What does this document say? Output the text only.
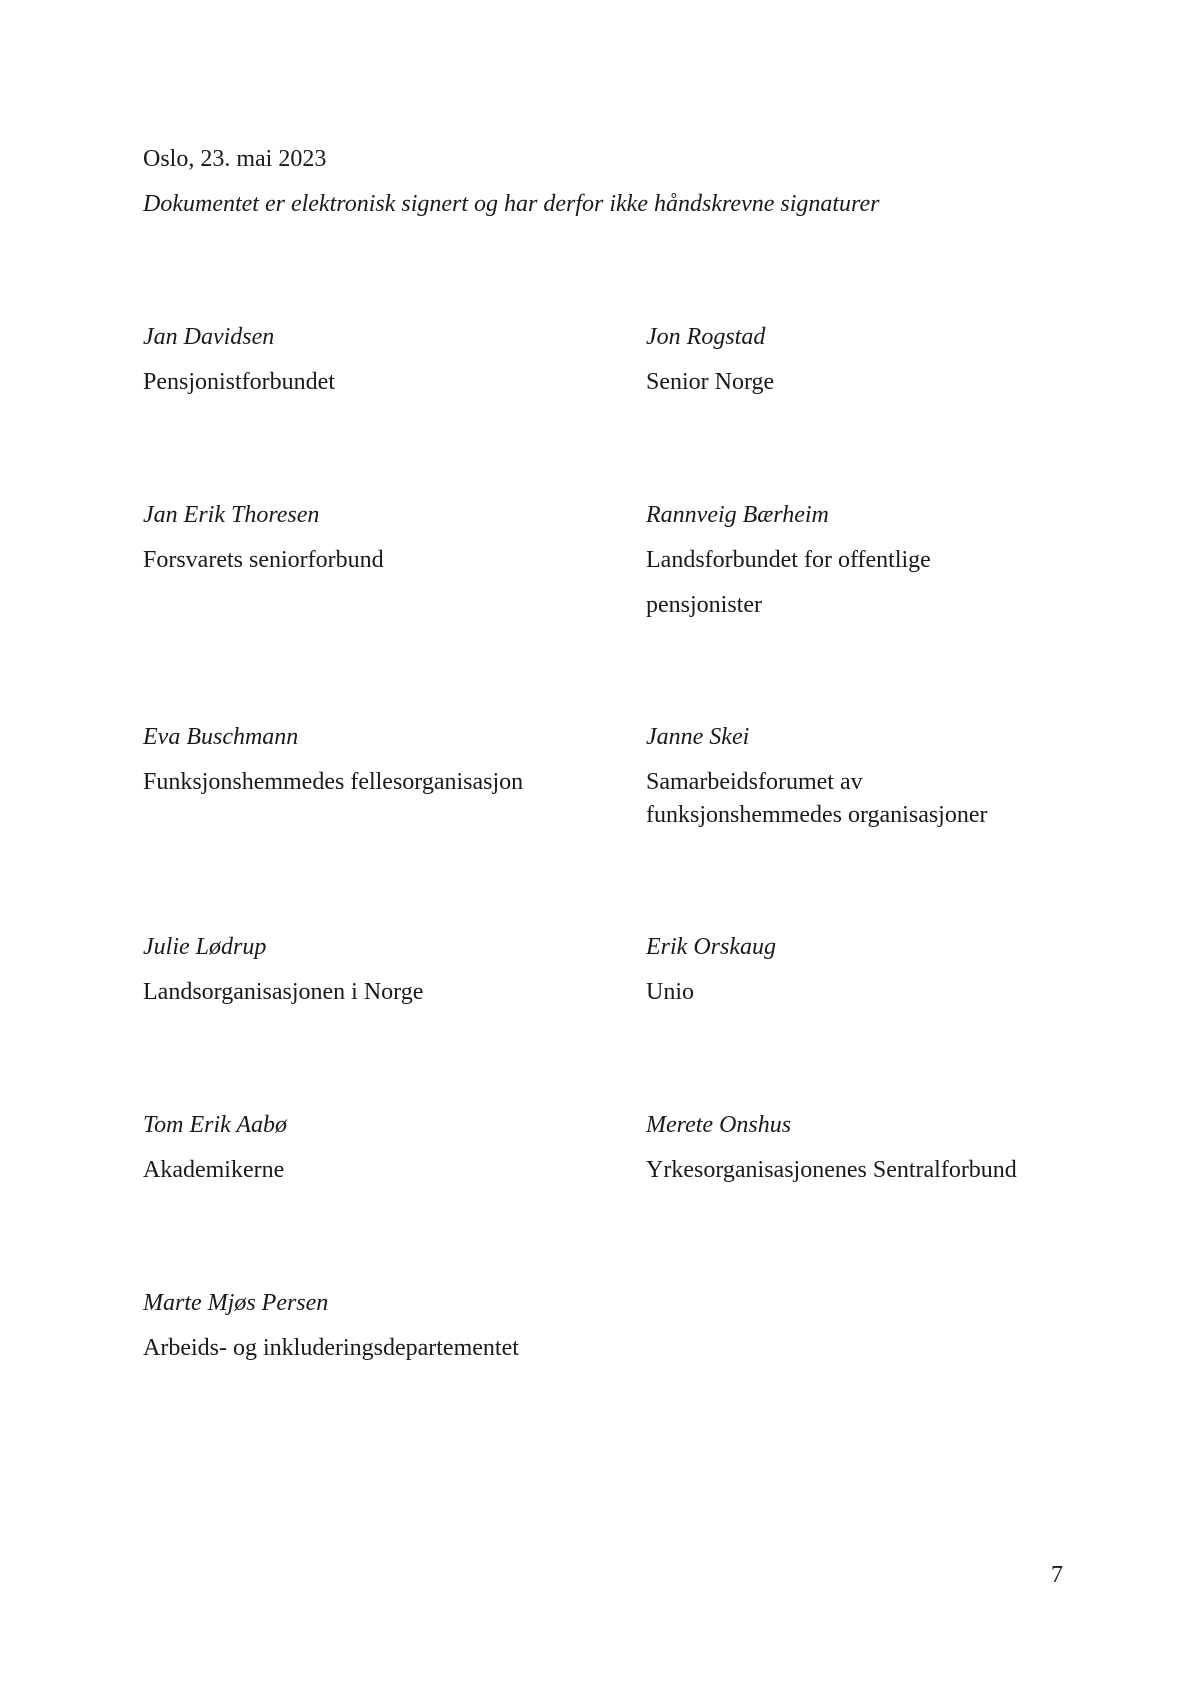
Oslo, 23. mai 2023
Dokumentet er elektronisk signert og har derfor ikke håndskrevne signaturer
Jan Davidsen
Pensjonistforbundet
Jon Rogstad
Senior Norge
Jan Erik Thoresen
Forsvarets seniorforbund
Rannveig Bærheim
Landsforbundet for offentlige
pensjonister
Eva Buschmann
Funksjonshemmedes fellesorganisasjon
Janne Skei
Samarbeidsforumet av
funksjonshemmedes organisasjoner
Julie Lødrup
Landsorganisasjonen i Norge
Erik Orskaug
Unio
Tom Erik Aabø
Akademikerne
Merete Onshus
Yrkesorganisasjonenes Sentralforbund
Marte Mjøs Persen
Arbeids- og inkluderingsdepartementet
7
